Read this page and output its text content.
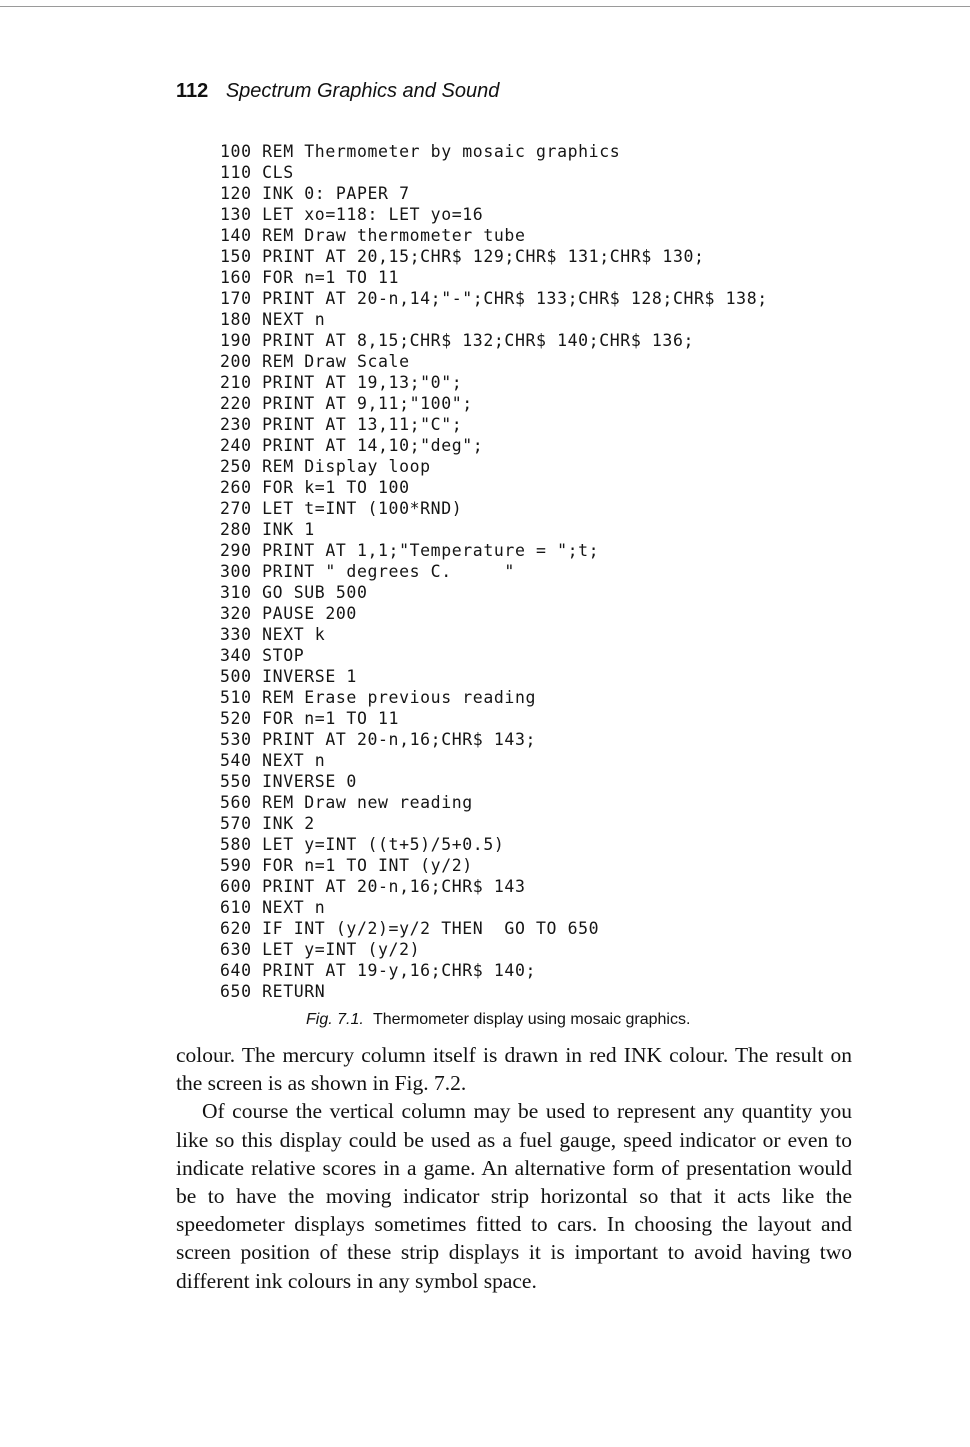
112 Spectrum Graphics and Sound
100 REM Thermometer by mosaic graphics
110 CLS
120 INK 0: PAPER 7
130 LET xo=118: LET yo=16
140 REM Draw thermometer tube
150 PRINT AT 20,15;CHR$ 129;CHR$ 131;CHR$ 130;
160 FOR n=1 TO 11
170 PRINT AT 20-n,14;"-";CHR$ 133;CHR$ 128;CHR$ 138;
180 NEXT n
190 PRINT AT 8,15;CHR$ 132;CHR$ 140;CHR$ 136;
200 REM Draw Scale
210 PRINT AT 19,13;"0";
220 PRINT AT 9,11;"100";
230 PRINT AT 13,11;"C";
240 PRINT AT 14,10;"deg";
250 REM Display loop
260 FOR k=1 TO 100
270 LET t=INT (100*RND)
280 INK 1
290 PRINT AT 1,1;"Temperature = ";t;
300 PRINT " degrees C.     "
310 GO SUB 500
320 PAUSE 200
330 NEXT k
340 STOP
500 INVERSE 1
510 REM Erase previous reading
520 FOR n=1 TO 11
530 PRINT AT 20-n,16;CHR$ 143;
540 NEXT n
550 INVERSE 0
560 REM Draw new reading
570 INK 2
580 LET y=INT ((t+5)/5+0.5)
590 FOR n=1 TO INT (y/2)
600 PRINT AT 20-n,16;CHR$ 143
610 NEXT n
620 IF INT (y/2)=y/2 THEN  GO TO 650
630 LET y=INT (y/2)
640 PRINT AT 19-y,16;CHR$ 140;
650 RETURN
Fig. 7.1. Thermometer display using mosaic graphics.

colour. The mercury column itself is drawn in red INK colour. The result on the screen is as shown in Fig. 7.2.

Of course the vertical column may be used to represent any quantity you like so this display could be used as a fuel gauge, speed indicator or even to indicate relative scores in a game. An alternative form of presentation would be to have the moving indicator strip horizontal so that it acts like the speedometer displays sometimes fitted to cars. In choosing the layout and screen position of these strip displays it is important to avoid having two different ink colours in any symbol space.
